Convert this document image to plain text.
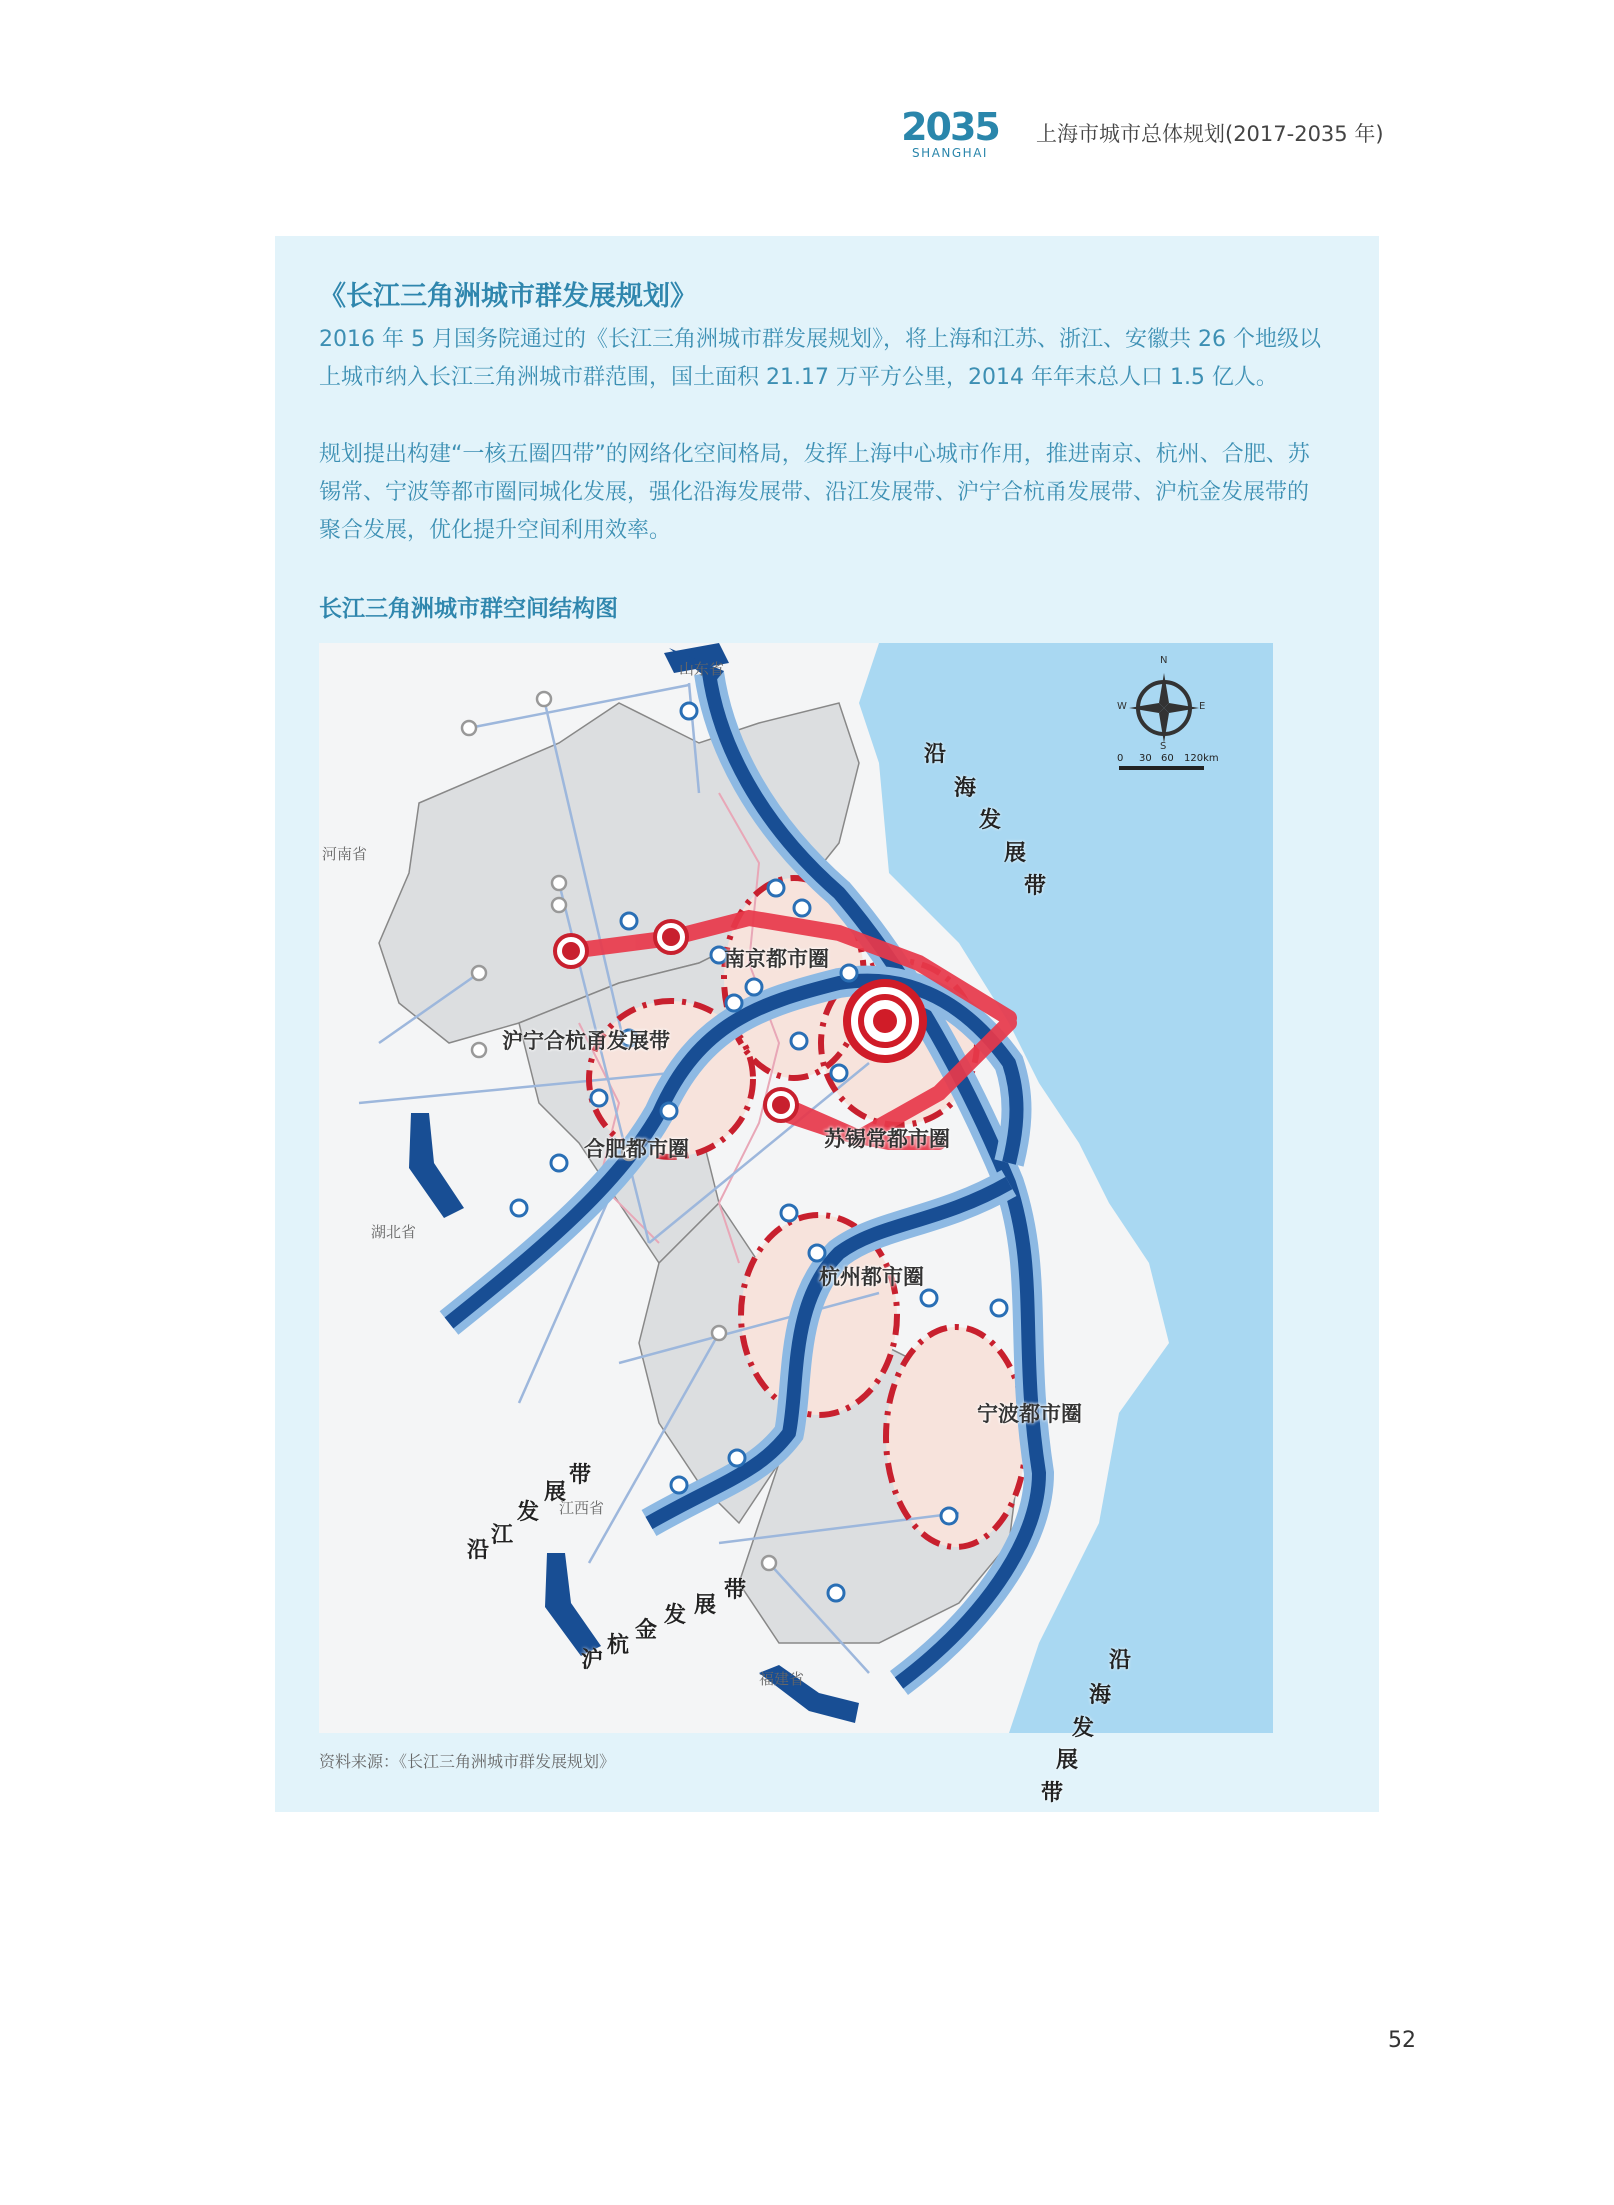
2035
SHANGHAI
上海市城市总体规划(2017-2035 年)
《长江三角洲城市群发展规划》
2016 年 5 月国务院通过的《长江三角洲城市群发展规划》，将上海和江苏、浙江、安徽共 26 个地级以上城市纳入长江三角洲城市群范围，国土面积 21.17 万平方公里，2014 年年末总人口 1.5 亿人。
规划提出构建“一核五圈四带”的网络化空间格局，发挥上海中心城市作用，推进南京、杭州、合肥、苏锡常、宁波等都市圈同城化发展，强化沿海发展带、沿江发展带、沪宁合杭甬发展带、沪杭金发展带的聚合发展，优化提升空间利用效率。
长江三角洲城市群空间结构图
N
S
E
W
0 30 60 120km
山东省
河南省
湖北省
江西省
福建省
南京都市圈
合肥都市圈	苏锡常都市圈
杭州都市圈
宁波都市圈
沪宁合杭甬发展带
沿
海
发
展
带
沿
江
发
展
带
沪
杭
金
发 展
带
沿
海
发
展
带
资料来源：《长江三角洲城市群发展规划》
52
